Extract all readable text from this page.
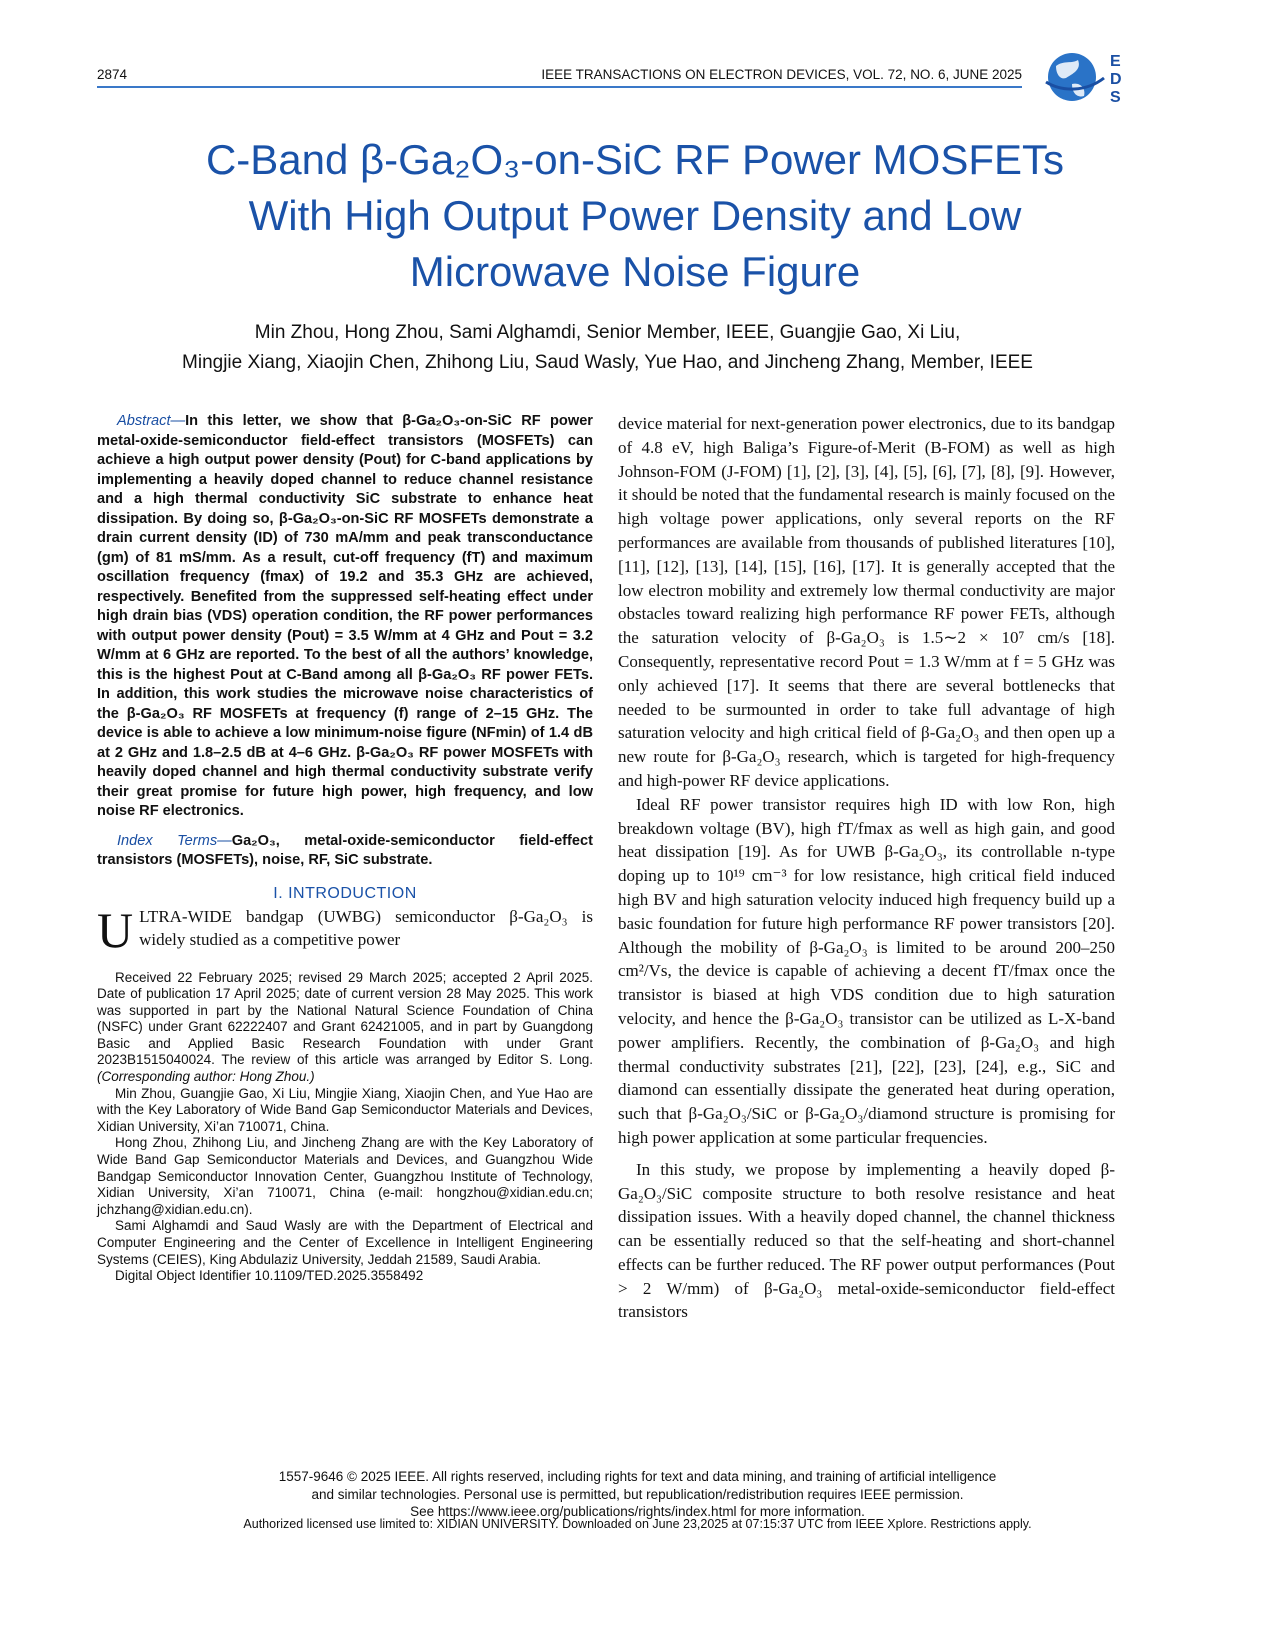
2874	IEEE TRANSACTIONS ON ELECTRON DEVICES, VOL. 72, NO. 6, JUNE 2025
E
D
S
C-Band β-Ga₂O₃-on-SiC RF Power MOSFETs
With High Output Power Density and Low
Microwave Noise Figure
Min Zhou, Hong Zhou, Sami Alghamdi, Senior Member, IEEE, Guangjie Gao, Xi Liu,
Mingjie Xiang, Xiaojin Chen, Zhihong Liu, Saud Wasly, Yue Hao, and Jincheng Zhang, Member, IEEE

Abstract—In this letter, we show that β-Ga₂O₃-on-SiC RF power metal-oxide-semiconductor field-effect transistors (MOSFETs) can achieve a high output power density (Pout) for C-band applications by implementing a heavily doped channel to reduce channel resistance and a high thermal conductivity SiC substrate to enhance heat dissipation. By doing so, β-Ga₂O₃-on-SiC RF MOSFETs demonstrate a drain current density (ID) of 730 mA/mm and peak transconductance (gm) of 81 mS/mm. As a result, cut-off frequency (fT) and maximum oscillation frequency (fmax) of 19.2 and 35.3 GHz are achieved, respectively. Benefited from the suppressed self-heating effect under high drain bias (VDS) operation condition, the RF power performances with output power density (Pout) = 3.5 W/mm at 4 GHz and Pout = 3.2 W/mm at 6 GHz are reported. To the best of all the authors’ knowledge, this is the highest Pout at C-Band among all β-Ga₂O₃ RF power FETs. In addition, this work studies the microwave noise characteristics of the β-Ga₂O₃ RF MOSFETs at frequency (f) range of 2–15 GHz. The device is able to achieve a low minimum-noise figure (NFmin) of 1.4 dB at 2 GHz and 1.8–2.5 dB at 4–6 GHz. β-Ga₂O₃ RF power MOSFETs with heavily doped channel and high thermal conductivity substrate verify their great promise for future high power, high frequency, and low noise RF electronics.

Index Terms—Ga₂O₃, metal-oxide-semiconductor field-effect transistors (MOSFETs), noise, RF, SiC substrate.

I. INTRODUCTION

ULTRA-WIDE bandgap (UWBG) semiconductor β-Ga₂O₃ is widely studied as a competitive power

Received 22 February 2025; revised 29 March 2025; accepted 2 April 2025. Date of publication 17 April 2025; date of current version 28 May 2025. This work was supported in part by the National Natural Science Foundation of China (NSFC) under Grant 62222407 and Grant 62421005, and in part by Guangdong Basic and Applied Basic Research Foundation with under Grant 2023B1515040024. The review of this article was arranged by Editor S. Long. (Corresponding author: Hong Zhou.)

Min Zhou, Guangjie Gao, Xi Liu, Mingjie Xiang, Xiaojin Chen, and Yue Hao are with the Key Laboratory of Wide Band Gap Semiconductor Materials and Devices, Xidian University, Xi’an 710071, China.

Hong Zhou, Zhihong Liu, and Jincheng Zhang are with the Key Laboratory of Wide Band Gap Semiconductor Materials and Devices, and Guangzhou Wide Bandgap Semiconductor Innovation Center, Guangzhou Institute of Technology, Xidian University, Xi’an 710071, China (e-mail: hongzhou@xidian.edu.cn; jchzhang@xidian.edu.cn).

Sami Alghamdi and Saud Wasly are with the Department of Electrical and Computer Engineering and the Center of Excellence in Intelligent Engineering Systems (CEIES), King Abdulaziz University, Jeddah 21589, Saudi Arabia.

Digital Object Identifier 10.1109/TED.2025.3558492

device material for next-generation power electronics, due to its bandgap of 4.8 eV, high Baliga’s Figure-of-Merit (B-FOM) as well as high Johnson-FOM (J-FOM) [1], [2], [3], [4], [5], [6], [7], [8], [9]. However, it should be noted that the fundamental research is mainly focused on the high voltage power applications, only several reports on the RF performances are available from thousands of published literatures [10], [11], [12], [13], [14], [15], [16], [17]. It is generally accepted that the low electron mobility and extremely low thermal conductivity are major obstacles toward realizing high performance RF power FETs, although the saturation velocity of β-Ga₂O₃ is 1.5∼2 × 10⁷ cm/s [18]. Consequently, representative record Pout = 1.3 W/mm at f = 5 GHz was only achieved [17]. It seems that there are several bottlenecks that needed to be surmounted in order to take full advantage of high saturation velocity and high critical field of β-Ga₂O₃ and then open up a new route for β-Ga₂O₃ research, which is targeted for high-frequency and high-power RF device applications.

Ideal RF power transistor requires high ID with low Ron, high breakdown voltage (BV), high fT/fmax as well as high gain, and good heat dissipation [19]. As for UWB β-Ga₂O₃, its controllable n-type doping up to 10¹⁹ cm⁻³ for low resistance, high critical field induced high BV and high saturation velocity induced high frequency build up a basic foundation for future high performance RF power transistors [20]. Although the mobility of β-Ga₂O₃ is limited to be around 200–250 cm²/Vs, the device is capable of achieving a decent fT/fmax once the transistor is biased at high VDS condition due to high saturation velocity, and hence the β-Ga₂O₃ transistor can be utilized as L-X-band power amplifiers. Recently, the combination of β-Ga₂O₃ and high thermal conductivity substrates [21], [22], [23], [24], e.g., SiC and diamond can essentially dissipate the generated heat during operation, such that β-Ga₂O₃/SiC or β-Ga₂O₃/diamond structure is promising for high power application at some particular frequencies.

In this study, we propose by implementing a heavily doped β-Ga₂O₃/SiC composite structure to both resolve resistance and heat dissipation issues. With a heavily doped channel, the channel thickness can be essentially reduced so that the self-heating and short-channel effects can be further reduced. The RF power output performances (Pout > 2 W/mm) of β-Ga₂O₃ metal-oxide-semiconductor field-effect transistors

1557-9646 © 2025 IEEE. All rights reserved, including rights for text and data mining, and training of artificial intelligence
and similar technologies. Personal use is permitted, but republication/redistribution requires IEEE permission.
See https://www.ieee.org/publications/rights/index.html for more information.
Authorized licensed use limited to: XIDIAN UNIVERSITY. Downloaded on June 23,2025 at 07:15:37 UTC from IEEE Xplore. Restrictions apply.
